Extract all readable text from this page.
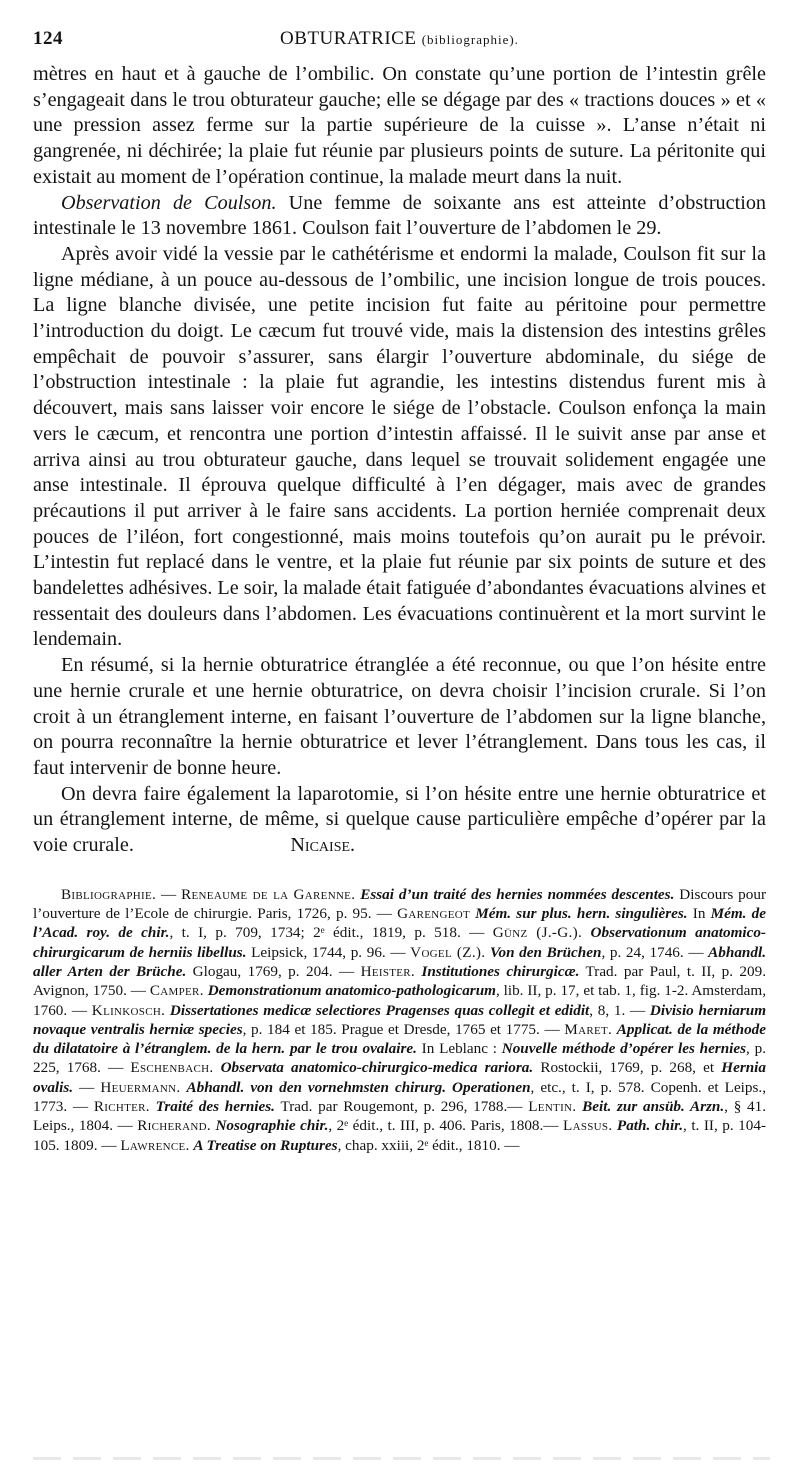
124	OBTURATRICE (bibliographie).

mètres en haut et à gauche de l’ombilic. On constate qu’une portion de l’intestin grêle s’engageait dans le trou obturateur gauche; elle se dégage par des « tractions douces » et « une pression assez ferme sur la partie supérieure de la cuisse ». L’anse n’était ni gangrenée, ni déchirée; la plaie fut réunie par plusieurs points de suture. La péritonite qui existait au moment de l’opération continue, la malade meurt dans la nuit.

Observation de Coulson. Une femme de soixante ans est atteinte d’obstruction intestinale le 13 novembre 1861. Coulson fait l’ouverture de l’abdomen le 29.

Après avoir vidé la vessie par le cathétérisme et endormi la malade, Coulson fit sur la ligne médiane, à un pouce au-dessous de l’ombilic, une incision longue de trois pouces. La ligne blanche divisée, une petite incision fut faite au péritoine pour permettre l’introduction du doigt. Le cæcum fut trouvé vide, mais la distension des intestins grêles empêchait de pouvoir s’assurer, sans élargir l’ouverture abdominale, du siége de l’obstruction intestinale : la plaie fut agrandie, les intestins distendus furent mis à découvert, mais sans laisser voir encore le siége de l’obstacle. Coulson enfonça la main vers le cæcum, et rencontra une portion d’intestin affaissé. Il le suivit anse par anse et arriva ainsi au trou obturateur gauche, dans lequel se trouvait solidement engagée une anse intestinale. Il éprouva quelque difficulté à l’en dégager, mais avec de grandes précautions il put arriver à le faire sans accidents. La portion herniée comprenait deux pouces de l’iléon, fort congestionné, mais moins toutefois qu’on aurait pu le prévoir. L’intestin fut replacé dans le ventre, et la plaie fut réunie par six points de suture et des bandelettes adhésives. Le soir, la malade était fatiguée d’abondantes évacuations alvines et ressentait des douleurs dans l’abdomen. Les évacuations continuèrent et la mort survint le lendemain.

En résumé, si la hernie obturatrice étranglée a été reconnue, ou que l’on hésite entre une hernie crurale et une hernie obturatrice, on devra choisir l’incision crurale. Si l’on croit à un étranglement interne, en faisant l’ouverture de l’abdomen sur la ligne blanche, on pourra reconnaître la hernie obturatrice et lever l’étranglement. Dans tous les cas, il faut intervenir de bonne heure.

On devra faire également la laparotomie, si l’on hésite entre une hernie obturatrice et un étranglement interne, de même, si quelque cause particulière empêche d’opérer par la voie crurale.	Nicaise.

Bibliographie. — Reneaume de la Garenne. Essai d’un traité des hernies nommées descentes. Discours pour l’ouverture de l’Ecole de chirurgie. Paris, 1726, p. 95. — Garengeot Mém. sur plus. hern. singulières. In Mém. de l’Acad. roy. de chir., t. I, p. 709, 1734; 2ᵉ édit., 1819, p. 518. — Günz (J.-G.). Observationum anatomico-chirurgicarum de herniis libellus. Leipsick, 1744, p. 96. — Vogel (Z.). Von den Brüchen, p. 24, 1746. — Abhandl. aller Arten der Brüche. Glogau, 1769, p. 204. — Heister. Institutiones chirurgicæ. Trad. par Paul, t. II, p. 209. Avignon, 1750. — Camper. Demonstrationum anatomico-pathologicarum, lib. II, p. 17, et tab. 1, fig. 1-2. Amsterdam, 1760. — Klinkosch. Dissertationes medicæ selectiores Pragenses quas collegit et edidit, 8, 1. — Divisio herniarum novaque ventralis herniæ species, p. 184 et 185. Prague et Dresde, 1765 et 1775. — Maret. Applicat. de la méthode du dilatatoire à l’étranglem. de la hern. par le trou ovalaire. In Leblanc : Nouvelle méthode d’opérer les hernies, p. 225, 1768. — Eschenbach. Observata anatomico-chirurgico-medica rariora. Rostockii, 1769, p. 268, et Hernia ovalis. — Heuermann. Abhandl. von den vornehmsten chirurg. Operationen, etc., t. I, p. 578. Copenh. et Leips., 1773. — Richter. Traité des hernies. Trad. par Rougemont, p. 296, 1788.— Lentin. Beit. zur ansüb. Arzn., § 41. Leips., 1804. — Richerand. Nosographie chir., 2ᵉ édit., t. III, p. 406. Paris, 1808.— Lassus. Path. chir., t. II, p. 104-105. 1809. — Lawrence. A Treatise on Ruptures, chap. xxiii, 2ᵉ édit., 1810. —
